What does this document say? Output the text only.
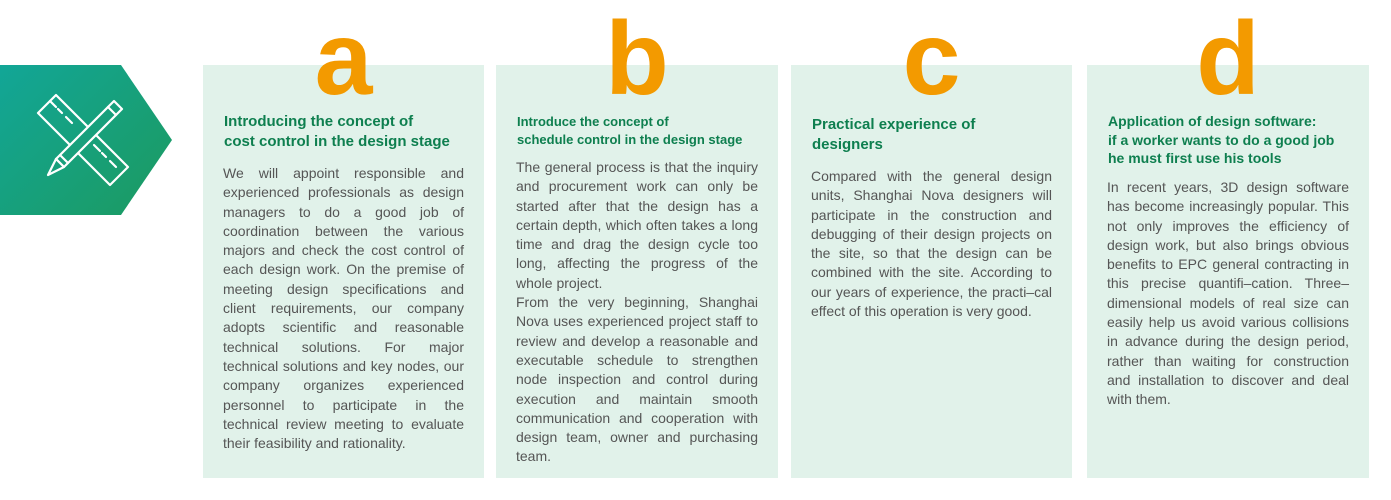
a
Introducing the concept of
cost control in the design stage

We will appoint responsible and experienced professionals as design managers to do a good job of coordination between the various majors and check the cost control of each design work. On the premise of meeting design specifications and client requirements, our company adopts scientific and reasonable technical solutions. For major technical solutions and key nodes, our company organizes experienced personnel to participate in the technical review meeting to evaluate their feasibility and rationality.

b
Introduce the concept of
schedule control in the design stage

The general process is that the inquiry and procurement work can only be started after that the design has a certain depth, which often takes a long time and drag the design cycle too long, affecting the progress of the whole project.

From the very beginning, Shanghai Nova uses experienced project staff to review and develop a reasonable and executable schedule to strengthen node inspection and control during execution and maintain smooth communication and cooperation with design team, owner and purchasing team.

c
Practical experience of
designers

Compared with the general design units, Shanghai Nova designers will participate in the construction and debugging of their design projects on the site, so that the design can be combined with the site. According to our years of experience, the practi–cal effect of this operation is very good.

d
Application of design software:
if a worker wants to do a good job
he must first use his tools

In recent years, 3D design software has become increasingly popular. This not only improves the efficiency of design work, but also brings obvious benefits to EPC general contracting in this precise quantifi–cation. Three–dimensional models of real size can easily help us avoid various collisions in advance during the design period, rather than waiting for construction and installation to discover and deal with them.
